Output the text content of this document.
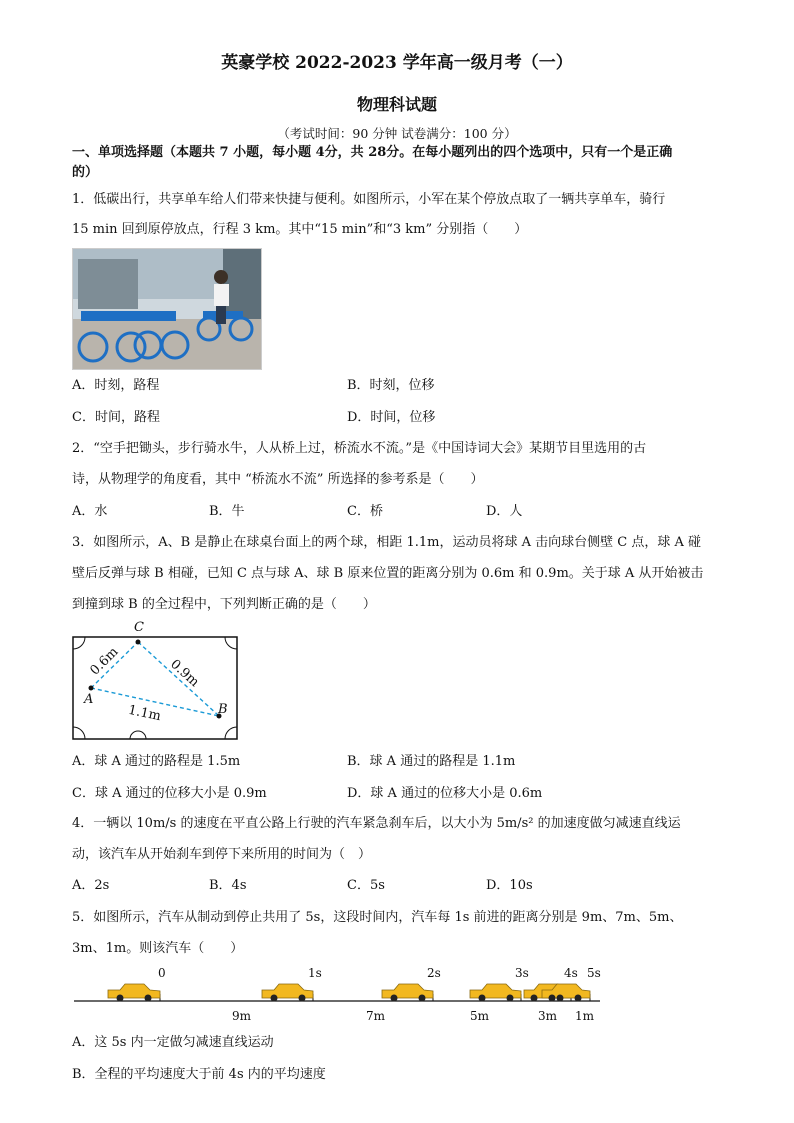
英豪学校 2022-2023 学年高一级月考（一）
物理科试题
（考试时间：90 分钟 试卷满分：100 分）
一、单项选择题（本题共 7 小题，每小题 4分，共 28分。在每小题列出的四个选项中，只有一个是正确
的）
1．低碳出行，共享单车给人们带来快捷与便利。如图所示，小军在某个停放点取了一辆共享单车，骑行
15 min 回到原停放点，行程 3 km。其中“15 min”和“3 km” 分别指（　　）
A．时刻，路程	B．时刻，位移
C．时间，路程	D．时间，位移
2．“空手把锄头，步行骑水牛，人从桥上过，桥流水不流。”是《中国诗词大会》某期节目里选用的古
诗，从物理学的角度看，其中 “桥流水不流” 所选择的参考系是（　　）
A．水	B．牛	C．桥	D．人
3．如图所示，A、B 是静止在球桌台面上的两个球，相距 1.1m，运动员将球 A 击向球台侧壁 C 点，球 A 碰
壁后反弹与球 B 相碰，已知 C 点与球 A、球 B 原来位置的距离分别为 0.6m 和 0.9m。关于球 A 从开始被击
到撞到球 B 的全过程中，下列判断正确的是（　　）
C
A
B
0.6m	0.9m
1.1m
A．球 A 通过的路程是 1.5m	B．球 A 通过的路程是 1.1m
C．球 A 通过的位移大小是 0.9m	D．球 A 通过的位移大小是 0.6m
4．一辆以 10m/s 的速度在平直公路上行驶的汽车紧急刹车后，以大小为 5m/s² 的加速度做匀减速直线运
动，该汽车从开始刹车到停下来所用的时间为（　）
A．2s	B．4s	C．5s	D．10s
5．如图所示，汽车从制动到停止共用了 5s，这段时间内，汽车每 1s 前进的距离分别是 9m、7m、5m、
3m、1m。则该汽车（　　）
0	1s	2s	3s	4s 5s
9m	7m	5m	3m 1m
A．这 5s 内一定做匀减速直线运动
B．全程的平均速度大于前 4s 内的平均速度
